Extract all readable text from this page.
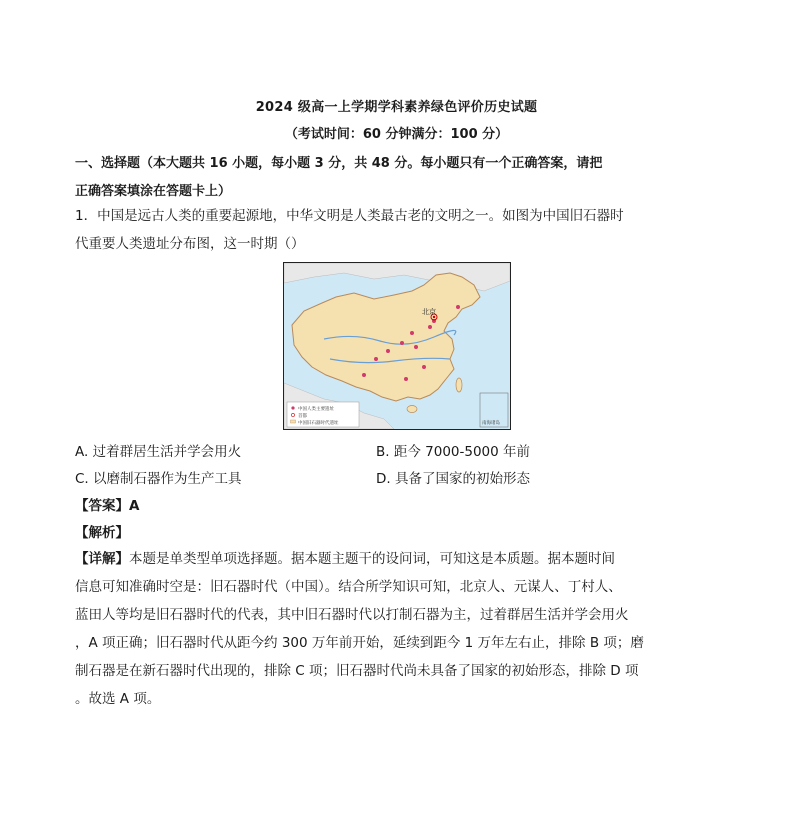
2024 级高一上学期学科素养绿色评价历史试题
（考试时间：60 分钟满分：100 分）
一、选择题（本大题共 16 小题，每小题 3 分，共 48 分。每小题只有一个正确答案，请把
正确答案填涂在答题卡上）
1．中国是远古人类的重要起源地，中华文明是人类最古老的文明之一。如图为中国旧石器时
代重要人类遗址分布图，这一时期（）
北京
中国人类主要遗址
首都
中国旧石器时代遗址	南海诸岛
A. 过着群居生活并学会用火	B. 距今 7000-5000 年前
C. 以磨制石器作为生产工具	D. 具备了国家的初始形态
【答案】A
【解析】
【详解】本题是单类型单项选择题。据本题主题干的设问词，可知这是本质题。据本题时间
信息可知准确时空是：旧石器时代（中国）。结合所学知识可知，北京人、元谋人、丁村人、
蓝田人等均是旧石器时代的代表，其中旧石器时代以打制石器为主，过着群居生活并学会用火
，A 项正确；旧石器时代从距今约 300 万年前开始，延续到距今 1 万年左右止，排除 B 项；磨
制石器是在新石器时代出现的，排除 C 项；旧石器时代尚未具备了国家的初始形态，排除 D 项
。故选 A 项。
